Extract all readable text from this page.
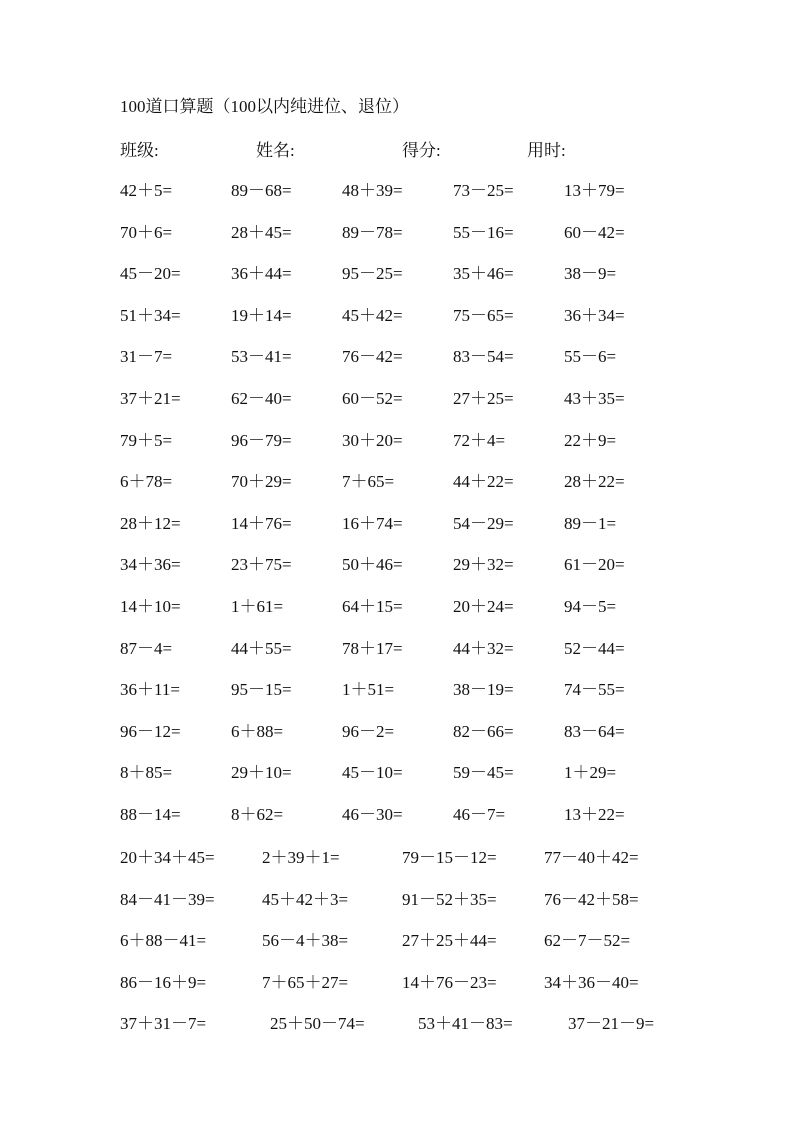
100道口算题（100以内纯进位、退位）
班级:	姓名:	得分:	用时:
42＋5=	89－68=	48＋39=	73－25=	13＋79=
70＋6=	28＋45=	89－78=	55－16=	60－42=
45－20=	36＋44=	95－25=	35＋46=	38－9=
51＋34=	19＋14=	45＋42=	75－65=	36＋34=
31－7=	53－41=	76－42=	83－54=	55－6=
37＋21=	62－40=	60－52=	27＋25=	43＋35=
79＋5=	96－79=	30＋20=	72＋4=	22＋9=
6＋78=	70＋29=	7＋65=	44＋22=	28＋22=
28＋12=	14＋76=	16＋74=	54－29=	89－1=
34＋36=	23＋75=	50＋46=	29＋32=	61－20=
14＋10=	1＋61=	64＋15=	20＋24=	94－5=
87－4=	44＋55=	78＋17=	44＋32=	52－44=
36＋11=	95－15=	1＋51=	38－19=	74－55=
96－12=	6＋88=	96－2=	82－66=	83－64=
8＋85=	29＋10=	45－10=	59－45=	1＋29=
88－14=	8＋62=	46－30=	46－7=	13＋22=
20＋34＋45=	2＋39＋1=	79－15－12=	77－40＋42=
84－41－39=	45＋42＋3=	91－52＋35=	76－42＋58=
6＋88－41=	56－4＋38=	27＋25＋44=	62－7－52=
86－16＋9=	7＋65＋27=	14＋76－23=	34＋36－40=
37＋31－7=	25＋50－74=	53＋41－83=	37－21－9=
